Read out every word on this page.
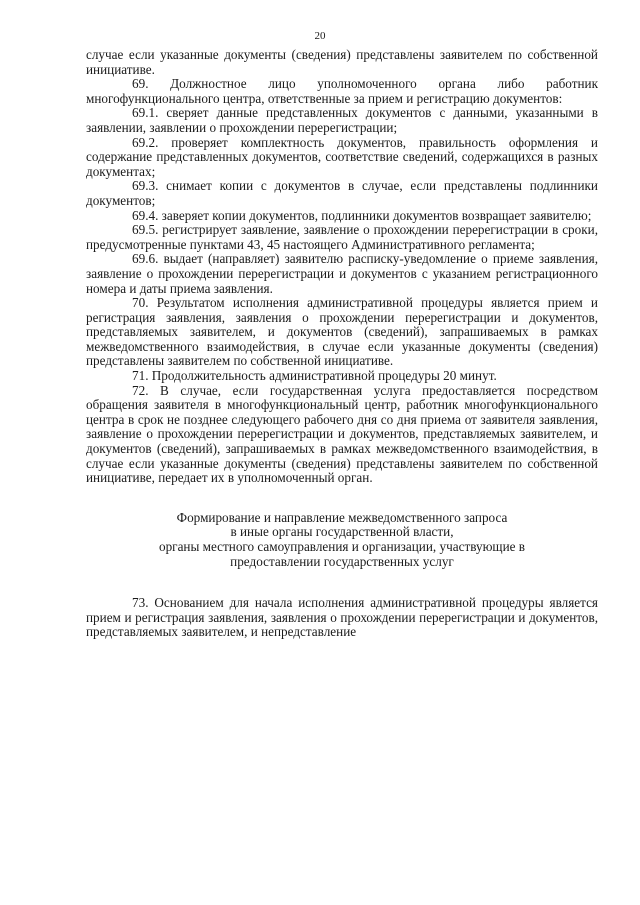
20

случае если указанные документы (сведения) представлены заявителем по собственной инициативе.

69. Должностное лицо уполномоченного органа либо работник многофункционального центра, ответственные за прием и регистрацию документов:

69.1. сверяет данные представленных документов с данными, указанными в заявлении, заявлении о прохождении перерегистрации;

69.2. проверяет комплектность документов, правильность оформления и содержание представленных документов, соответствие сведений, содержащихся в разных документах;

69.3. снимает копии с документов в случае, если представлены подлинники документов;

69.4. заверяет копии документов, подлинники документов возвращает заявителю;

69.5. регистрирует заявление, заявление о прохождении перерегистрации в сроки, предусмотренные пунктами 43, 45 настоящего Административного регламента;

69.6. выдает (направляет) заявителю расписку-уведомление о приеме заявления, заявление о прохождении перерегистрации и документов с указанием регистрационного номера и даты приема заявления.

70. Результатом исполнения административной процедуры является прием и регистрация заявления, заявления о прохождении перерегистрации и документов, представляемых заявителем, и документов (сведений), запрашиваемых в рамках межведомственного взаимодействия, в случае если указанные документы (сведения) представлены заявителем по собственной инициативе.

71. Продолжительность административной процедуры 20 минут.

72. В случае, если государственная услуга предоставляется посредством обращения заявителя в многофункциональный центр, работник многофункционального центра в срок не позднее следующего рабочего дня со дня приема от заявителя заявления, заявление о прохождении перерегистрации и документов, представляемых заявителем, и документов (сведений), запрашиваемых в рамках межведомственного взаимодействия, в случае если указанные документы (сведения) представлены заявителем по собственной инициативе, передает их в уполномоченный орган.

Формирование и направление межведомственного запроса
в иные органы государственной власти,
органы местного самоуправления и организации, участвующие в
предоставлении государственных услуг

73. Основанием для начала исполнения административной процедуры является прием и регистрация заявления, заявления о прохождении перерегистрации и документов, представляемых заявителем, и непредставление
